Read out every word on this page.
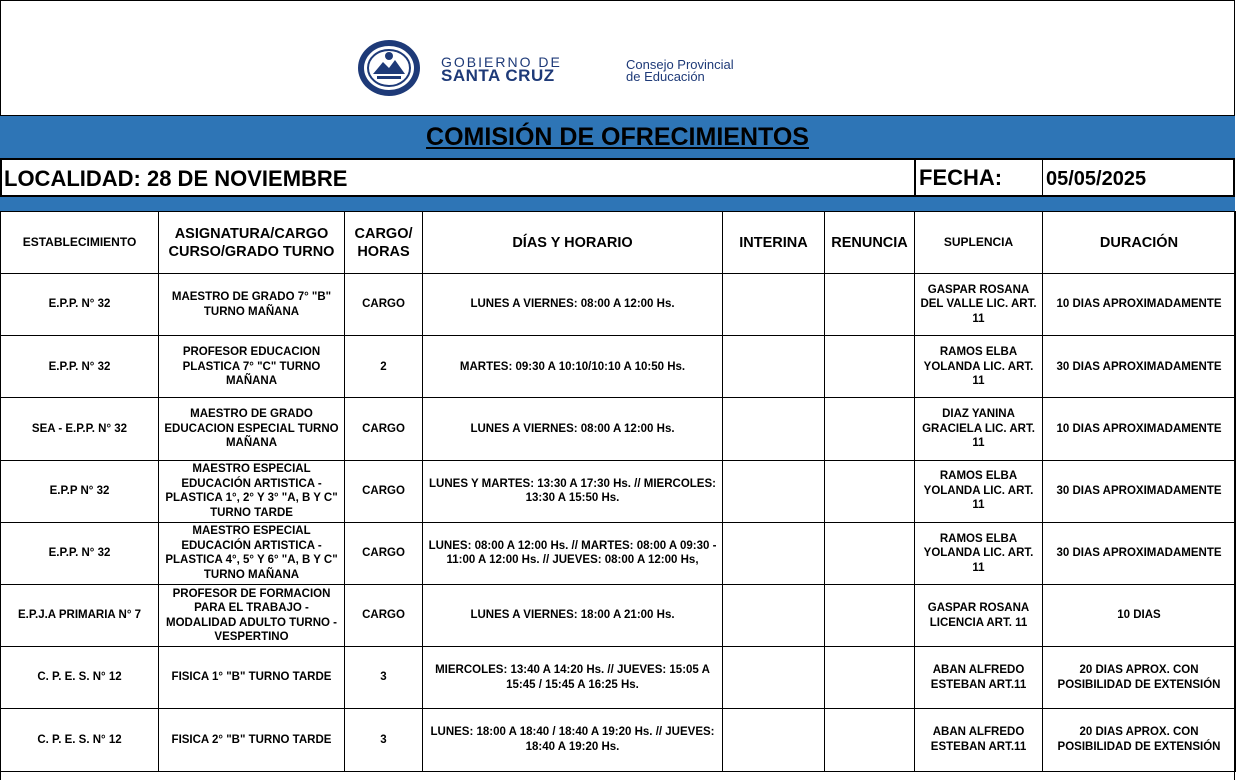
GOBIERNO DE
SANTA CRUZ
Consejo Provincial
de Educación
COMISIÓN DE OFRECIMIENTOS
LOCALIDAD: 28 DE NOVIEMBRE	FECHA: 05/05/2025
ESTABLECIMIENTO	ASIGNATURA/CARGO CURSO/GRADO TURNO	CARGO/ HORAS	DÍAS Y HORARIO	INTERINA	RENUNCIA	SUPLENCIA	DURACIÓN
E.P.P. N° 32	MAESTRO DE GRADO 7° "B" TURNO MAÑANA	CARGO	LUNES A VIERNES: 08:00 A 12:00 Hs.			GASPAR ROSANA DEL VALLE LIC. ART. 11	10 DIAS APROXIMADAMENTE
E.P.P. N° 32	PROFESOR EDUCACION PLASTICA 7° "C" TURNO MAÑANA	2	MARTES: 09:30 A 10:10/10:10 A 10:50 Hs.			RAMOS ELBA YOLANDA LIC. ART. 11	30 DIAS APROXIMADAMENTE
SEA - E.P.P. N° 32	MAESTRO DE GRADO EDUCACION ESPECIAL TURNO MAÑANA	CARGO	LUNES A VIERNES: 08:00 A 12:00 Hs.			DIAZ YANINA GRACIELA LIC. ART. 11	10 DIAS APROXIMADAMENTE
E.P.P N° 32	MAESTRO ESPECIAL EDUCACIÓN ARTISTICA - PLASTICA 1°, 2° Y 3° "A, B Y C" TURNO TARDE	CARGO	LUNES Y MARTES: 13:30 A 17:30 Hs. // MIERCOLES: 13:30 A 15:50 Hs.			RAMOS ELBA YOLANDA LIC. ART. 11	30 DIAS APROXIMADAMENTE
E.P.P. N° 32	MAESTRO ESPECIAL EDUCACIÓN ARTISTICA - PLASTICA 4°, 5° Y 6° "A, B Y C" TURNO MAÑANA	CARGO	LUNES: 08:00 A 12:00 Hs. // MARTES: 08:00 A 09:30 - 11:00 A 12:00 Hs. // JUEVES: 08:00 A 12:00 Hs,			RAMOS ELBA YOLANDA LIC. ART. 11	30 DIAS APROXIMADAMENTE
E.P.J.A PRIMARIA N° 7	PROFESOR DE FORMACION PARA EL TRABAJO - MODALIDAD ADULTO TURNO - VESPERTINO	CARGO	LUNES A VIERNES: 18:00 A 21:00 Hs.			GASPAR ROSANA LICENCIA ART. 11	10 DIAS
C. P. E. S. N° 12	FISICA 1° "B" TURNO TARDE	3	MIERCOLES: 13:40 A 14:20 Hs. // JUEVES: 15:05 A 15:45 / 15:45 A 16:25 Hs.			ABAN ALFREDO ESTEBAN ART.11	20 DIAS APROX. CON POSIBILIDAD DE EXTENSIÓN
C. P. E. S. N° 12	FISICA 2° "B" TURNO TARDE	3	LUNES: 18:00 A 18:40 / 18:40 A 19:20 Hs. // JUEVES: 18:40 A 19:20 Hs.			ABAN ALFREDO ESTEBAN ART.11	20 DIAS APROX. CON POSIBILIDAD DE EXTENSIÓN
